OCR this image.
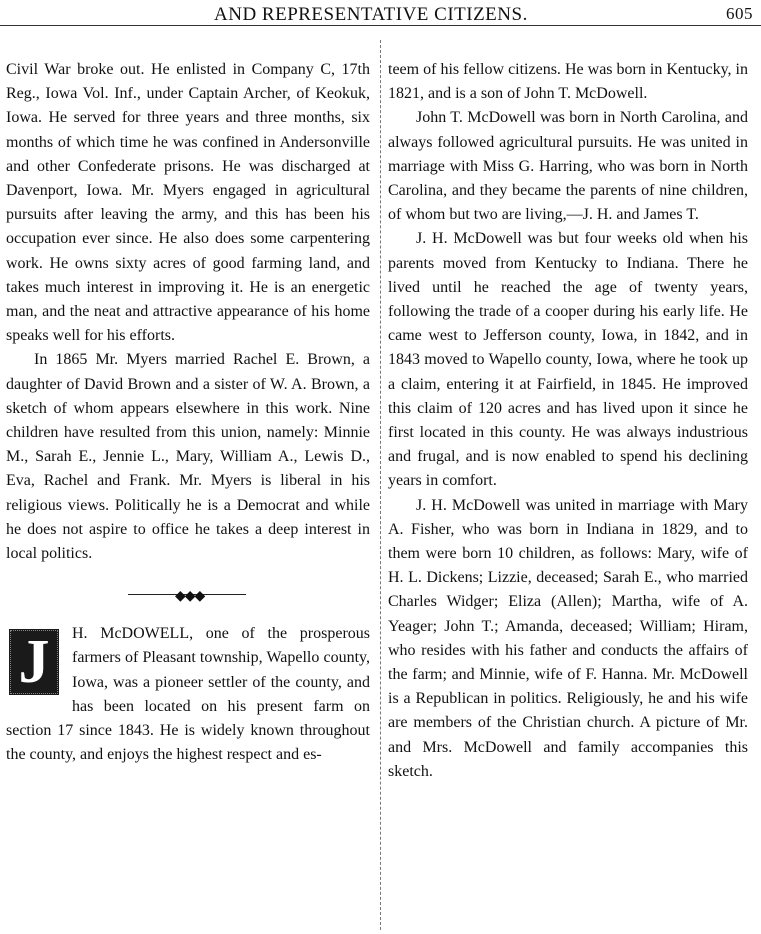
AND REPRESENTATIVE CITIZENS.	605

Civil War broke out. He enlisted in Company C, 17th Reg., Iowa Vol. Inf., under Captain Archer, of Keokuk, Iowa. He served for three years and three months, six months of which time he was confined in Andersonville and other Confederate prisons. He was discharged at Davenport, Iowa. Mr. Myers engaged in agricultural pursuits after leaving the army, and this has been his occupation ever since. He also does some carpentering work. He owns sixty acres of good farming land, and takes much interest in improving it. He is an energetic man, and the neat and attractive appearance of his home speaks well for his efforts.

In 1865 Mr. Myers married Rachel E. Brown, a daughter of David Brown and a sister of W. A. Brown, a sketch of whom appears elsewhere in this work. Nine children have resulted from this union, namely: Minnie M., Sarah E., Jennie L., Mary, William A., Lewis D., Eva, Rachel and Frank. Mr. Myers is liberal in his religious views. Politically he is a Democrat and while he does not aspire to office he takes a deep interest in local politics.

◆◆◆
J	H. McDOWELL, one of the prosperous farmers of Pleasant township, Wapello county, Iowa, was a pioneer settler of the county, and has been located on his present farm on section 17 since 1843. He is widely known throughout the county, and enjoys the highest respect and es-

teem of his fellow citizens. He was born in Kentucky, in 1821, and is a son of John T. McDowell.

John T. McDowell was born in North Carolina, and always followed agricultural pursuits. He was united in marriage with Miss G. Harring, who was born in North Carolina, and they became the parents of nine children, of whom but two are living,—J. H. and James T.

J. H. McDowell was but four weeks old when his parents moved from Kentucky to Indiana. There he lived until he reached the age of twenty years, following the trade of a cooper during his early life. He came west to Jefferson county, Iowa, in 1842, and in 1843 moved to Wapello county, Iowa, where he took up a claim, entering it at Fairfield, in 1845. He improved this claim of 120 acres and has lived upon it since he first located in this county. He was always industrious and frugal, and is now enabled to spend his declining years in comfort.

J. H. McDowell was united in marriage with Mary A. Fisher, who was born in Indiana in 1829, and to them were born 10 children, as follows: Mary, wife of H. L. Dickens; Lizzie, deceased; Sarah E., who married Charles Widger; Eliza (Allen); Martha, wife of A. Yeager; John T.; Amanda, deceased; William; Hiram, who resides with his father and conducts the affairs of the farm; and Minnie, wife of F. Hanna. Mr. McDowell is a Republican in politics. Religiously, he and his wife are members of the Christian church. A picture of Mr. and Mrs. McDowell and family accompanies this sketch.
